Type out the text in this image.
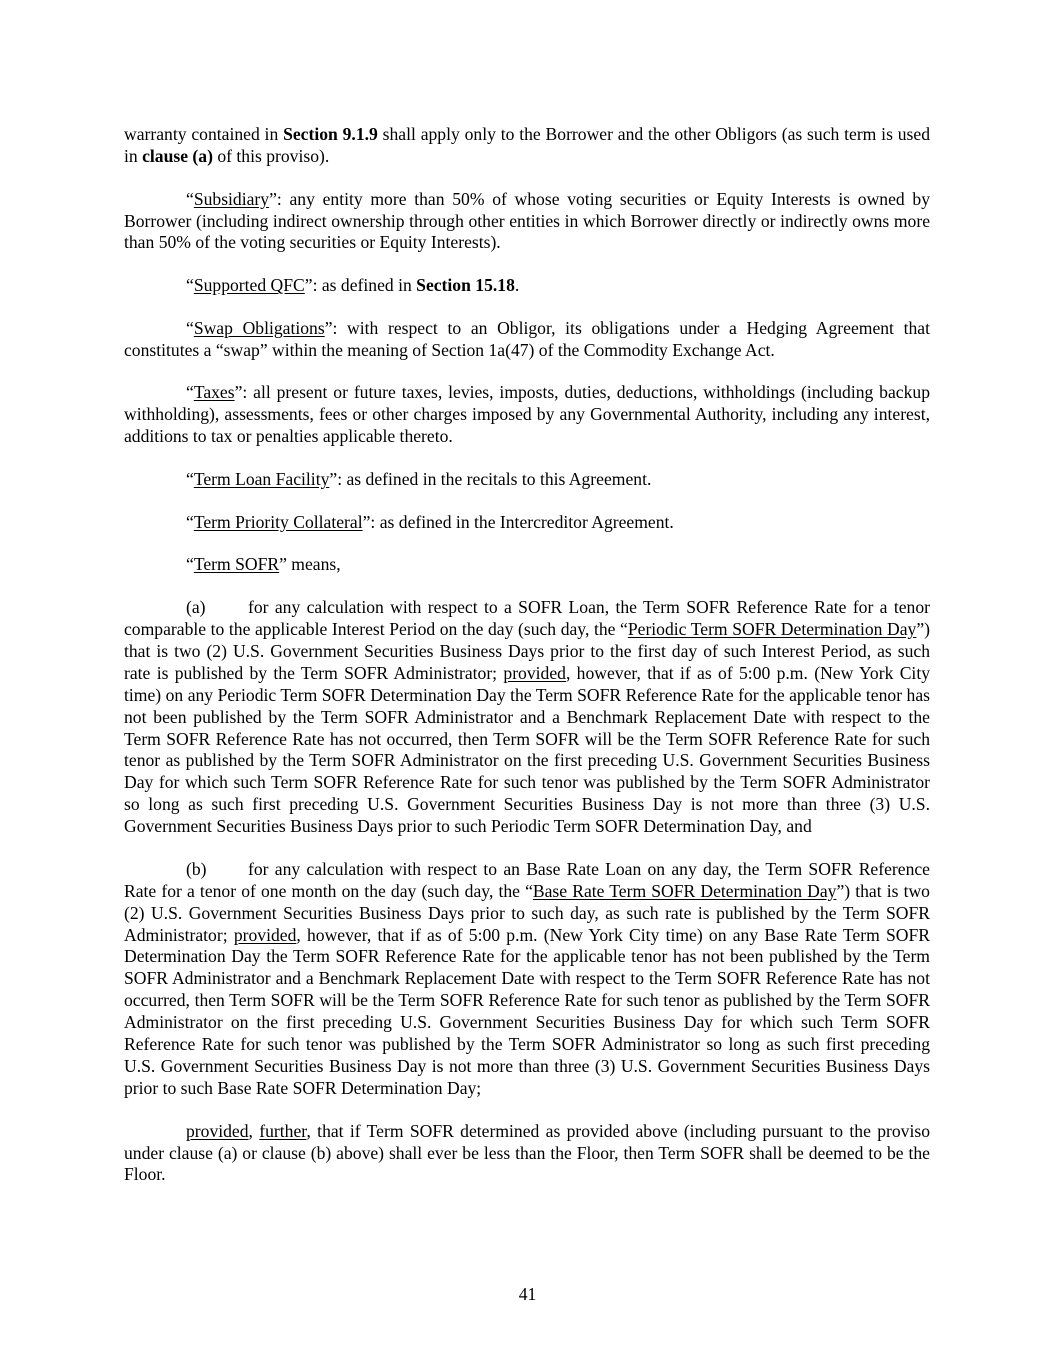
warranty contained in Section 9.1.9 shall apply only to the Borrower and the other Obligors (as such term is used in clause (a) of this proviso).

“Subsidiary”: any entity more than 50% of whose voting securities or Equity Interests is owned by Borrower (including indirect ownership through other entities in which Borrower directly or indirectly owns more than 50% of the voting securities or Equity Interests).

“Supported QFC”: as defined in Section 15.18.

“Swap Obligations”: with respect to an Obligor, its obligations under a Hedging Agreement that constitutes a “swap” within the meaning of Section 1a(47) of the Commodity Exchange Act.

“Taxes”: all present or future taxes, levies, imposts, duties, deductions, withholdings (including backup withholding), assessments, fees or other charges imposed by any Governmental Authority, including any interest, additions to tax or penalties applicable thereto.

“Term Loan Facility”: as defined in the recitals to this Agreement.

“Term Priority Collateral”: as defined in the Intercreditor Agreement.

“Term SOFR” means,

(a) for any calculation with respect to a SOFR Loan, the Term SOFR Reference Rate for a tenor comparable to the applicable Interest Period on the day (such day, the “Periodic Term SOFR Determination Day”) that is two (2) U.S. Government Securities Business Days prior to the first day of such Interest Period, as such rate is published by the Term SOFR Administrator; provided, however, that if as of 5:00 p.m. (New York City time) on any Periodic Term SOFR Determination Day the Term SOFR Reference Rate for the applicable tenor has not been published by the Term SOFR Administrator and a Benchmark Replacement Date with respect to the Term SOFR Reference Rate has not occurred, then Term SOFR will be the Term SOFR Reference Rate for such tenor as published by the Term SOFR Administrator on the first preceding U.S. Government Securities Business Day for which such Term SOFR Reference Rate for such tenor was published by the Term SOFR Administrator so long as such first preceding U.S. Government Securities Business Day is not more than three (3) U.S. Government Securities Business Days prior to such Periodic Term SOFR Determination Day, and

(b) for any calculation with respect to an Base Rate Loan on any day, the Term SOFR Reference Rate for a tenor of one month on the day (such day, the “Base Rate Term SOFR Determination Day”) that is two (2) U.S. Government Securities Business Days prior to such day, as such rate is published by the Term SOFR Administrator; provided, however, that if as of 5:00 p.m. (New York City time) on any Base Rate Term SOFR Determination Day the Term SOFR Reference Rate for the applicable tenor has not been published by the Term SOFR Administrator and a Benchmark Replacement Date with respect to the Term SOFR Reference Rate has not occurred, then Term SOFR will be the Term SOFR Reference Rate for such tenor as published by the Term SOFR Administrator on the first preceding U.S. Government Securities Business Day for which such Term SOFR Reference Rate for such tenor was published by the Term SOFR Administrator so long as such first preceding U.S. Government Securities Business Day is not more than three (3) U.S. Government Securities Business Days prior to such Base Rate SOFR Determination Day;

provided, further, that if Term SOFR determined as provided above (including pursuant to the proviso under clause (a) or clause (b) above) shall ever be less than the Floor, then Term SOFR shall be deemed to be the Floor.

41
